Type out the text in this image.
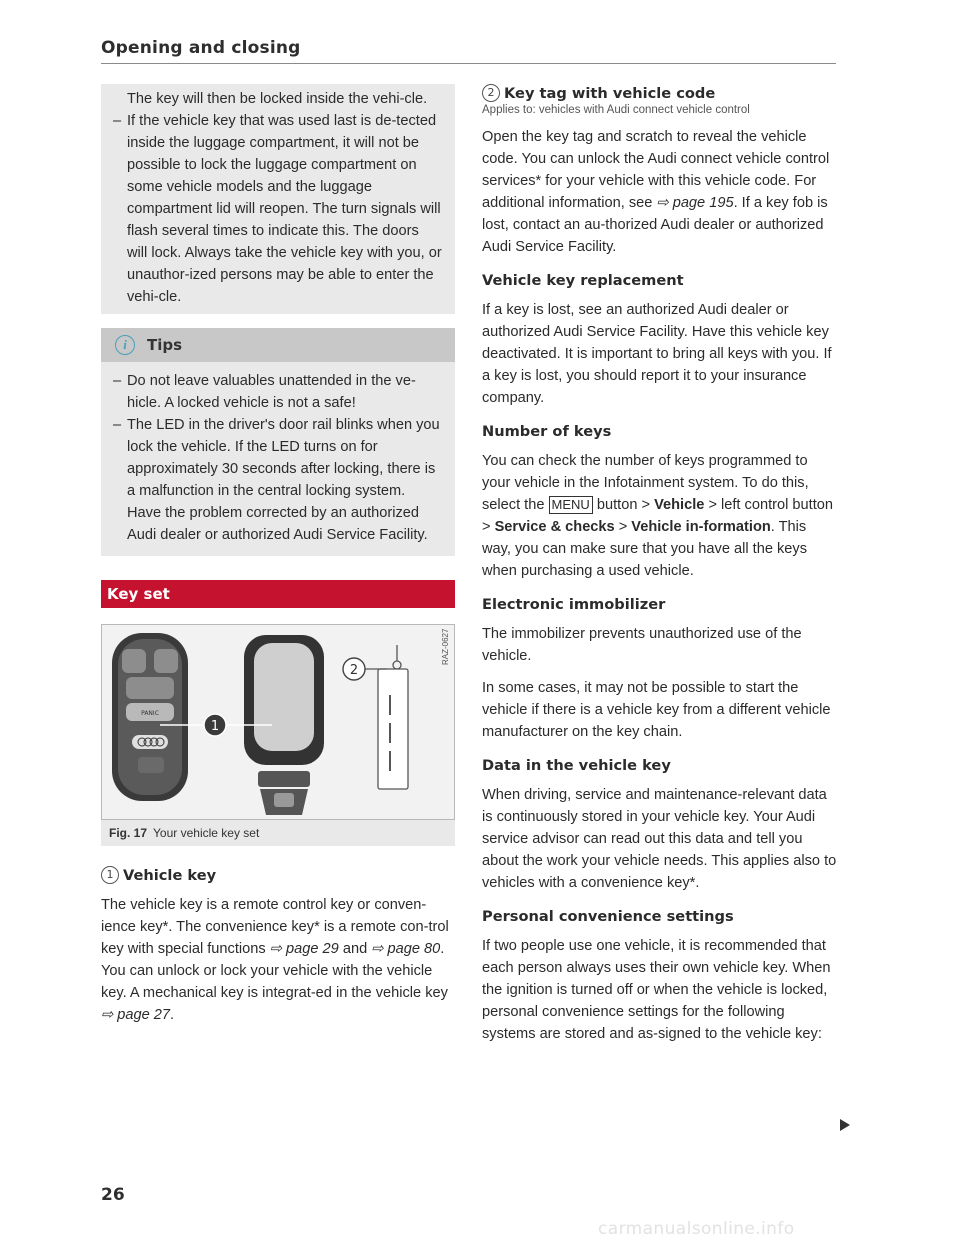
Opening and closing
The key will then be locked inside the vehi-cle.
– If the vehicle key that was used last is de-tected inside the luggage compartment, it will not be possible to lock the luggage compartment on some vehicle models and the luggage compartment lid will reopen. The turn signals will flash several times to indicate this. The doors will lock. Always take the vehicle key with you, or unauthor-ized persons may be able to enter the vehi-cle.
i	Tips
– Do not leave valuables unattended in the ve-hicle. A locked vehicle is not a safe!
– The LED in the driver's door rail blinks when you lock the vehicle. If the LED turns on for approximately 30 seconds after locking, there is a malfunction in the central locking system. Have the problem corrected by an authorized Audi dealer or authorized Audi Service Facility.
Key set
RAZ-0627
PANIC
1
2
Fig. 17 Your vehicle key set
1 Vehicle key
The vehicle key is a remote control key or conven-ience key*. The convenience key* is a remote con-trol key with special functions ⇨ page 29 and ⇨ page 80. You can unlock or lock your vehicle with the vehicle key. A mechanical key is integrat-ed in the vehicle key ⇨ page 27.
2 Key tag with vehicle code
Applies to: vehicles with Audi connect vehicle control
Open the key tag and scratch to reveal the vehicle code. You can unlock the Audi connect vehicle control services* for your vehicle with this vehicle code. For additional information, see ⇨ page 195. If a key fob is lost, contact an au-thorized Audi dealer or authorized Audi Service Facility.
Vehicle key replacement
If a key is lost, see an authorized Audi dealer or authorized Audi Service Facility. Have this vehicle key deactivated. It is important to bring all keys with you. If a key is lost, you should report it to your insurance company.
Number of keys
You can check the number of keys programmed to your vehicle in the Infotainment system. To do this, select the MENU button > Vehicle > left control button > Service & checks > Vehicle in-formation. This way, you can make sure that you have all the keys when purchasing a used vehicle.
Electronic immobilizer
The immobilizer prevents unauthorized use of the vehicle.
In some cases, it may not be possible to start the vehicle if there is a vehicle key from a different vehicle manufacturer on the key chain.
Data in the vehicle key
When driving, service and maintenance-relevant data is continuously stored in your vehicle key. Your Audi service advisor can read out this data and tell you about the work your vehicle needs. This applies also to vehicles with a convenience key*.
Personal convenience settings
If two people use one vehicle, it is recommended that each person always uses their own vehicle key. When the ignition is turned off or when the vehicle is locked, personal convenience settings for the following systems are stored and as-signed to the vehicle key:
26
carmanualsonline.info
